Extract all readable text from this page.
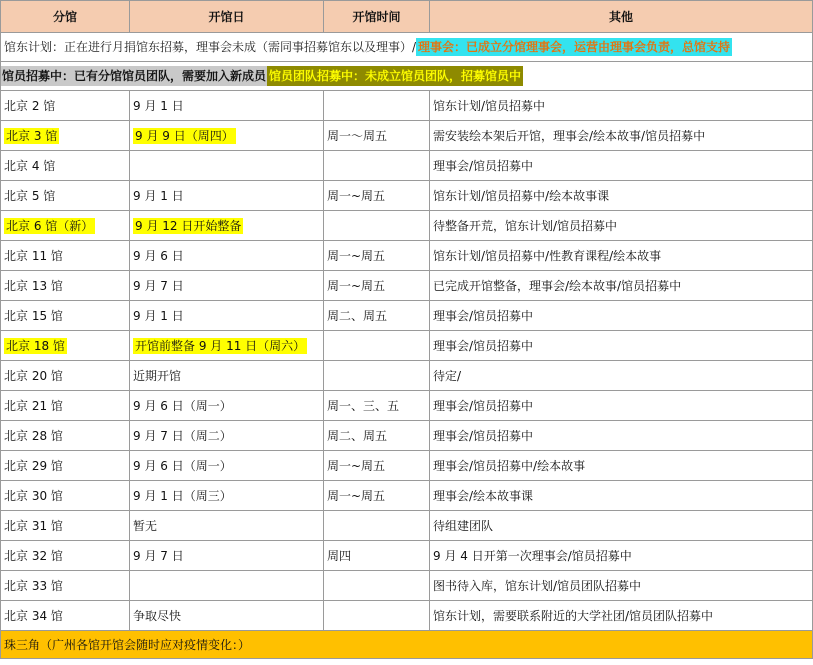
分馆	开馆日	开馆时间	其他
馆东计划：正在进行月捐馆东招募，理事会未成（需同事招募馆东以及理事）/ 理事会：已成立分馆理事会，运营由理事会负责，总馆支持			
馆员招募中：已有分馆馆员团队，需要加入新成员 馆员团队招募中：未成立馆员团队，招募馆员中			
北京 2 馆	9 月 1 日		馆东计划/馆员招募中
北京 3 馆	9 月 9 日（周四）	周一～周五	需安装绘本架后开馆，理事会/绘本故事/馆员招募中
北京 4 馆			理事会/馆员招募中
北京 5 馆	9 月 1 日	周一~周五	馆东计划/馆员招募中/绘本故事课
北京 6 馆（新）	9 月 12 日开始整备		待整备开荒，馆东计划/馆员招募中
北京 11 馆	9 月 6 日	周一~周五	馆东计划/馆员招募中/性教育课程/绘本故事
北京 13 馆	9 月 7 日	周一~周五	已完成开馆整备，理事会/绘本故事/馆员招募中
北京 15 馆	9 月 1 日	周二、周五	理事会/馆员招募中
北京 18 馆	开馆前整备 9 月 11 日（周六）		理事会/馆员招募中
北京 20 馆	近期开馆		待定/
北京 21 馆	9 月 6 日（周一）	周一、三、五	理事会/馆员招募中
北京 28 馆	9 月 7 日（周二）	周二、周五	理事会/馆员招募中
北京 29 馆	9 月 6 日（周一）	周一~周五	理事会/馆员招募中/绘本故事
北京 30 馆	9 月 1 日（周三）	周一~周五	理事会/绘本故事课
北京 31 馆	暂无		待组建团队
北京 32 馆	9 月 7 日	周四	9 月 4 日开第一次理事会/馆员招募中
北京 33 馆			图书待入库，馆东计划/馆员团队招募中
北京 34 馆	争取尽快		馆东计划，需要联系附近的大学社团/馆员团队招募中
珠三角（广州各馆开馆会随时应对疫情变化：）			
